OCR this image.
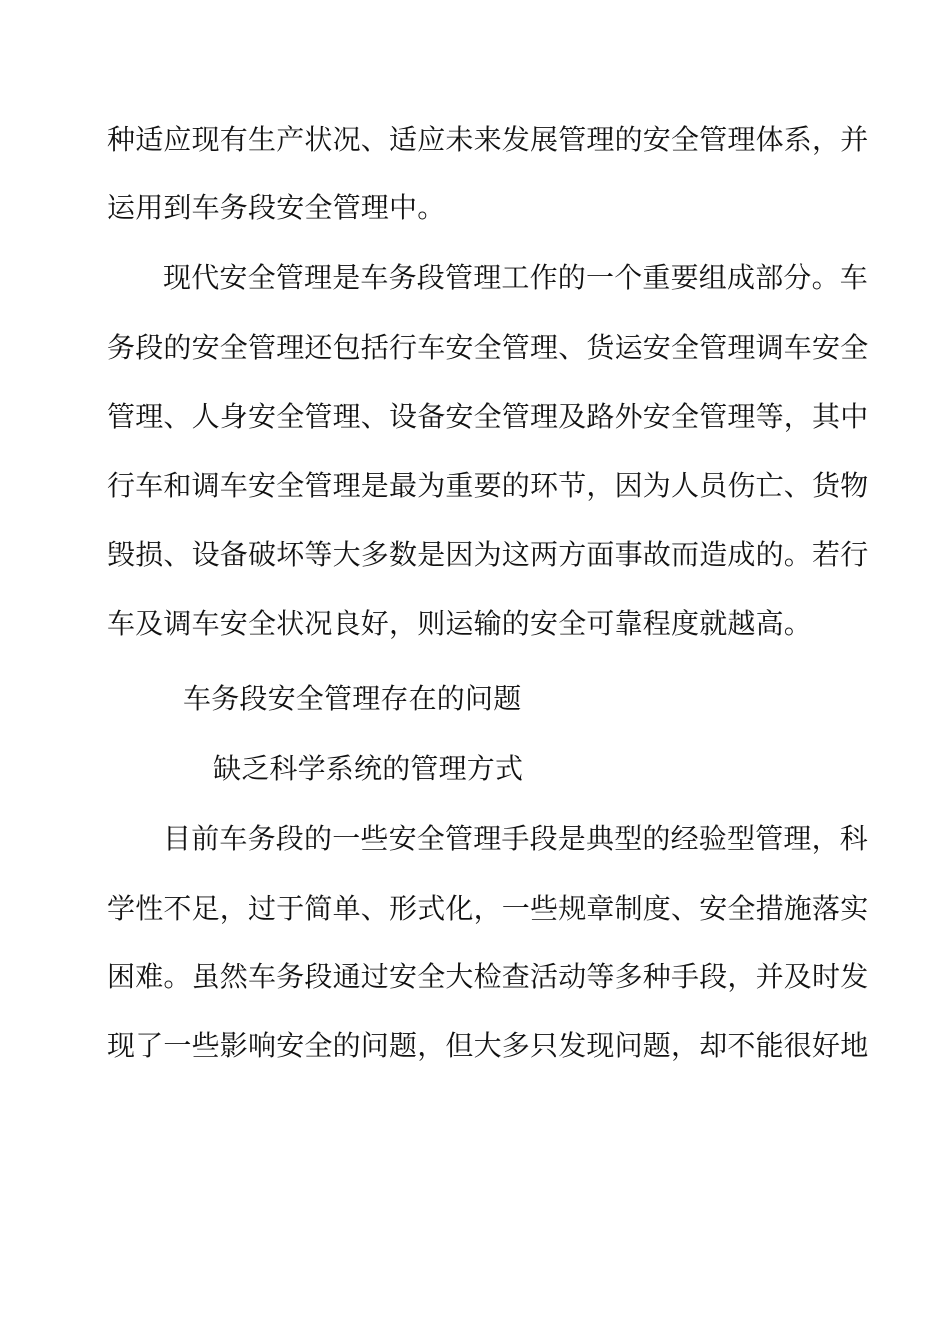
种适应现有生产状况、适应未来发展管理的安全管理体系，并
运用到车务段安全管理中。
现代安全管理是车务段管理工作的一个重要组成部分。车
务段的安全管理还包括行车安全管理、货运安全管理调车安全
管理、人身安全管理、设备安全管理及路外安全管理等，其中
行车和调车安全管理是最为重要的环节，因为人员伤亡、货物
毁损、设备破坏等大多数是因为这两方面事故而造成的。若行
车及调车安全状况良好，则运输的安全可靠程度就越高。
车务段安全管理存在的问题
缺乏科学系统的管理方式
目前车务段的一些安全管理手段是典型的经验型管理，科
学性不足，过于简单、形式化，一些规章制度、安全措施落实
困难。虽然车务段通过安全大检查活动等多种手段，并及时发
现了一些影响安全的问题，但大多只发现问题，却不能很好地
